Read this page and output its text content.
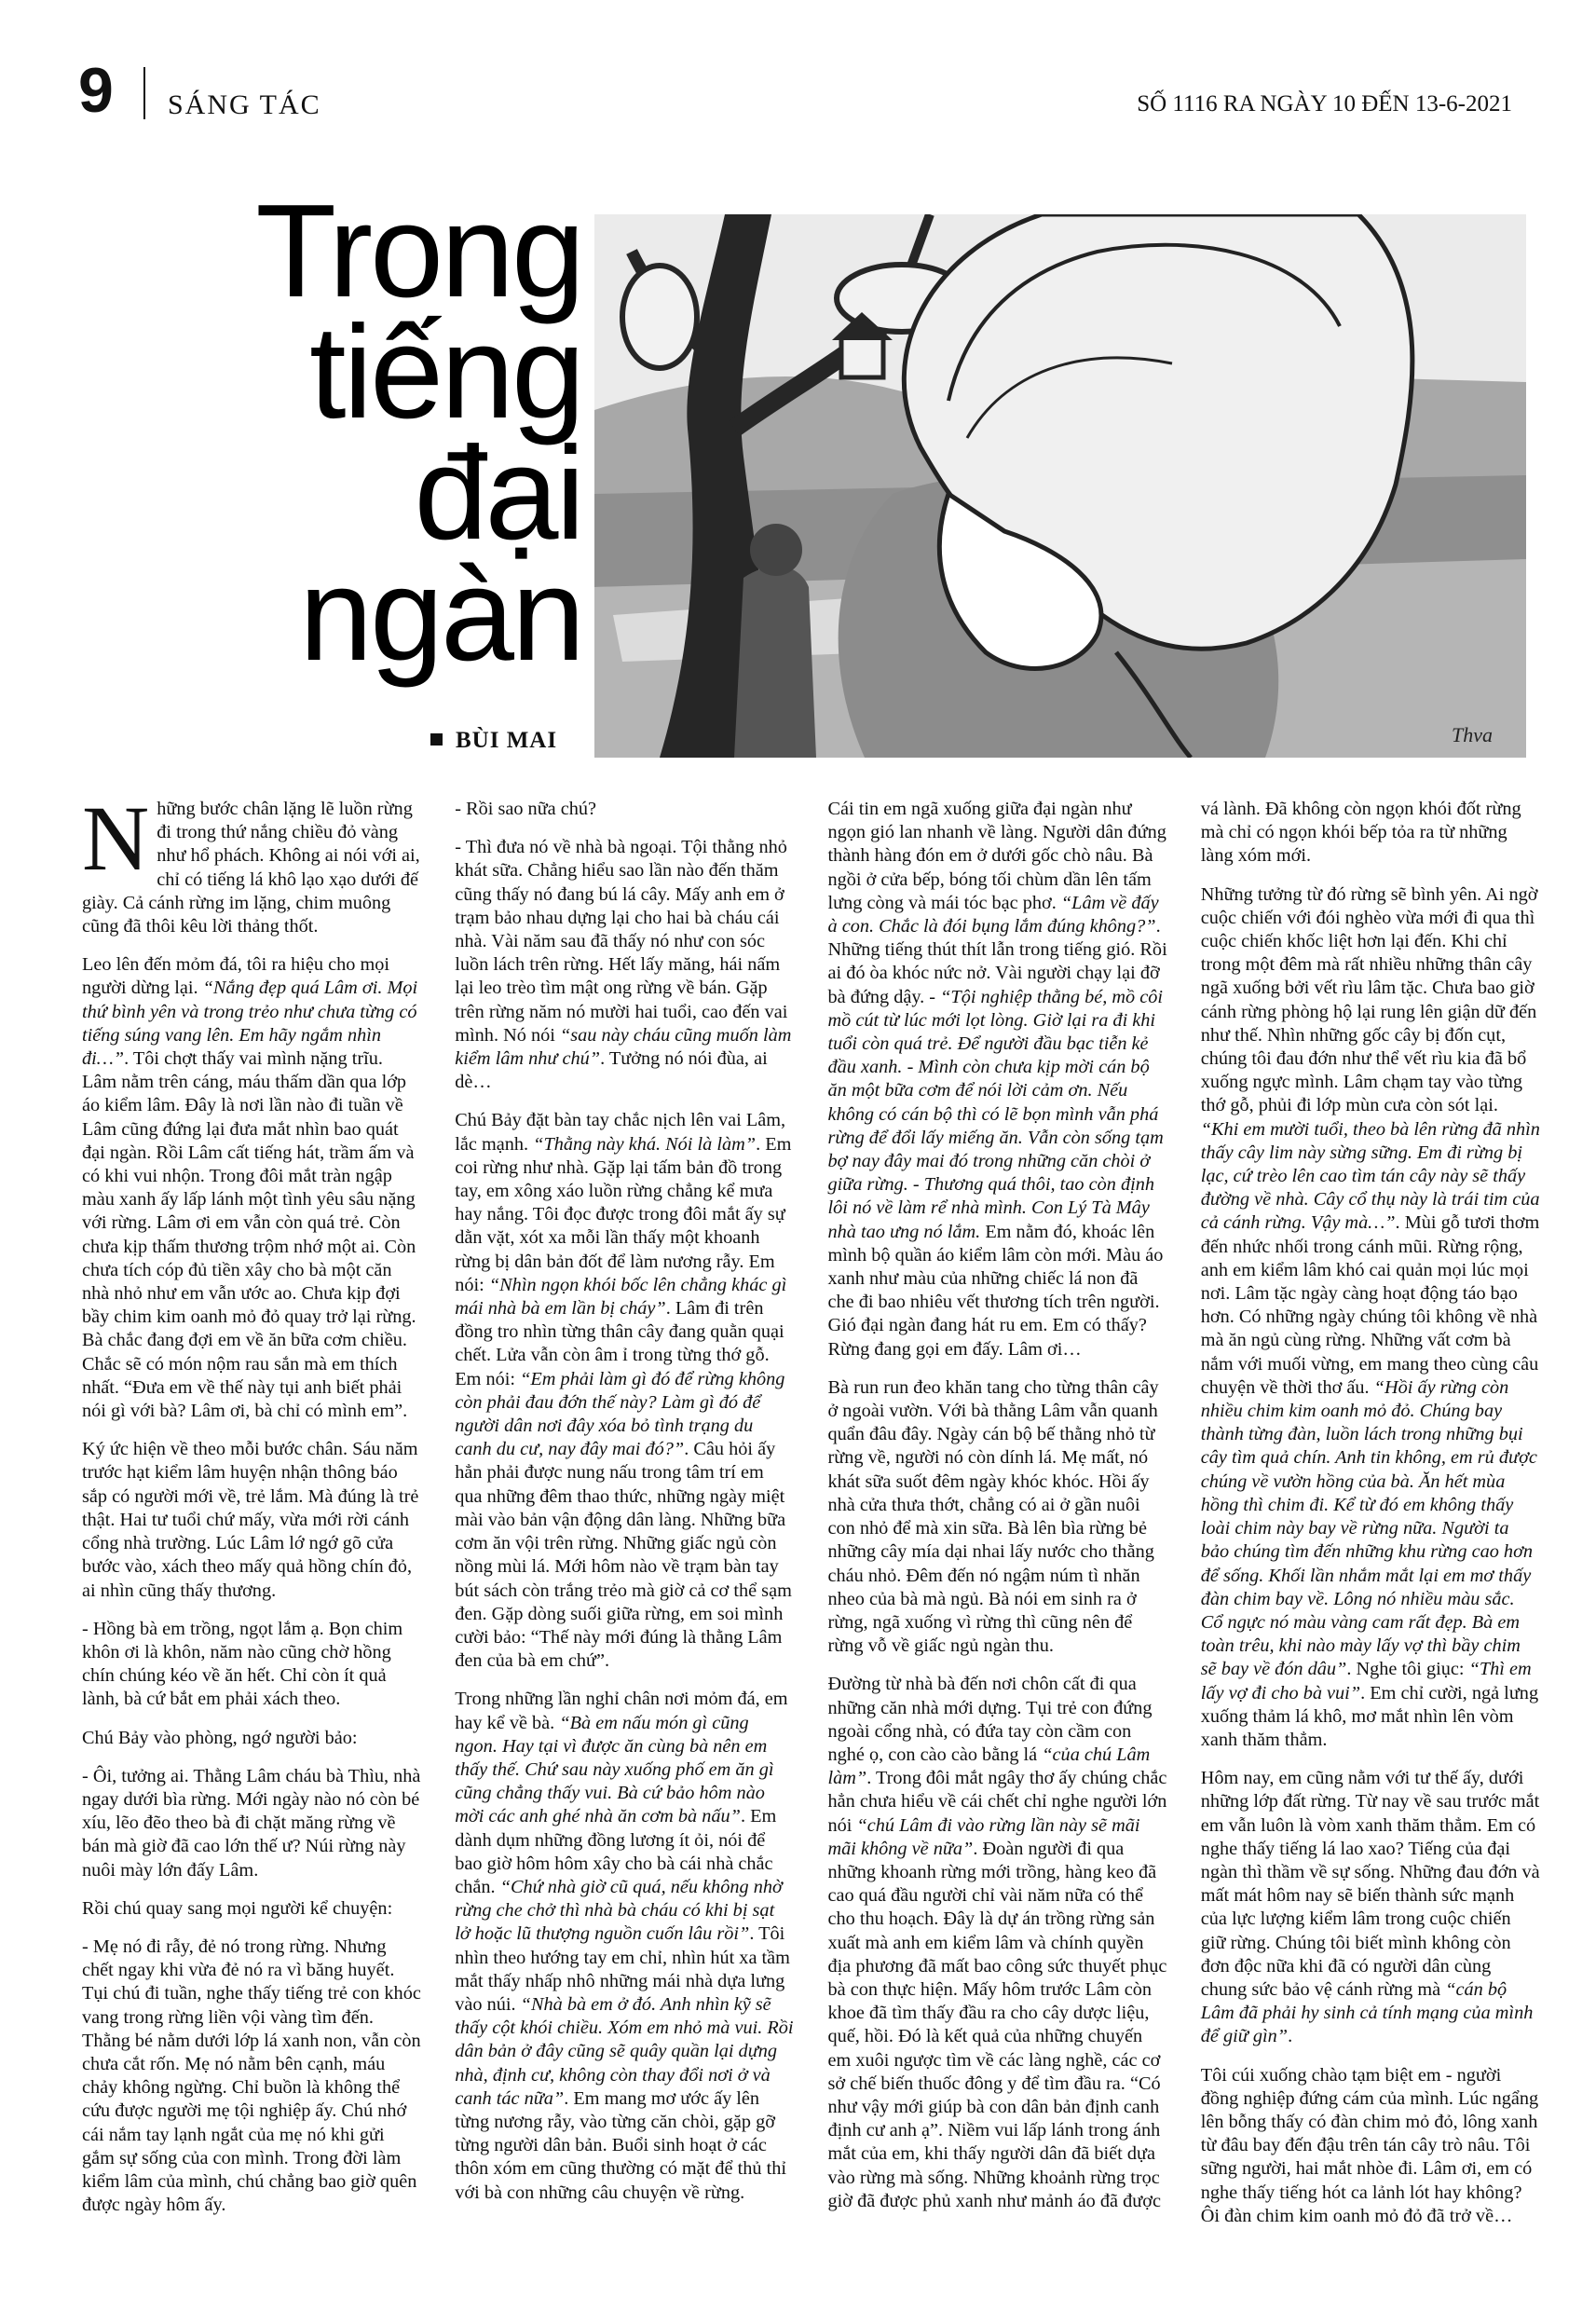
9 SÁNG TÁC	SỐ 1116 RA NGÀY 10 ĐẾN 13-6-2021
Trong
tiếng
đại
ngàn
BÙI MAI	Thva

Những bước chân lặng lẽ luồn rừng đi trong thứ nắng chiều đỏ vàng như hổ phách. Không ai nói với ai, chỉ có tiếng lá khô lạo xạo dưới đế giày. Cả cánh rừng im lặng, chim muông cũng đã thôi kêu lời thảng thốt.

Leo lên đến mỏm đá, tôi ra hiệu cho mọi người dừng lại. “Nắng đẹp quá Lâm ơi. Mọi thứ bình yên và trong trẻo như chưa từng có tiếng súng vang lên. Em hãy ngắm nhìn đi…”. Tôi chợt thấy vai mình nặng trĩu. Lâm nằm trên cáng, máu thấm dần qua lớp áo kiểm lâm. Đây là nơi lần nào đi tuần về Lâm cũng đứng lại đưa mắt nhìn bao quát đại ngàn. Rồi Lâm cất tiếng hát, trầm ấm và có khi vui nhộn. Trong đôi mắt tràn ngập màu xanh ấy lấp lánh một tình yêu sâu nặng với rừng. Lâm ơi em vẫn còn quá trẻ. Còn chưa kịp thấm thương trộm nhớ một ai. Còn chưa tích cóp đủ tiền xây cho bà một căn nhà nhỏ như em vẫn ước ao. Chưa kịp đợi bầy chim kim oanh mỏ đỏ quay trở lại rừng. Bà chắc đang đợi em về ăn bữa cơm chiều. Chắc sẽ có món nộm rau sắn mà em thích nhất. “Đưa em về thế này tụi anh biết phải nói gì với bà? Lâm ơi, bà chỉ có mình em”.

Ký ức hiện về theo mỗi bước chân. Sáu năm trước hạt kiểm lâm huyện nhận thông báo sắp có người mới về, trẻ lắm. Mà đúng là trẻ thật. Hai tư tuổi chứ mấy, vừa mới rời cánh cổng nhà trường. Lúc Lâm lớ ngớ gõ cửa bước vào, xách theo mấy quả hồng chín đỏ, ai nhìn cũng thấy thương.

- Hồng bà em trồng, ngọt lắm ạ. Bọn chim khôn ơi là khôn, năm nào cũng chờ hồng chín chúng kéo về ăn hết. Chỉ còn ít quả lành, bà cứ bắt em phải xách theo.

Chú Bảy vào phòng, ngớ người bảo:

- Ôi, tưởng ai. Thằng Lâm cháu bà Thìu, nhà ngay dưới bìa rừng. Mới ngày nào nó còn bé xíu, lẽo đẽo theo bà đi chặt măng rừng về bán mà giờ đã cao lớn thế ư? Núi rừng này nuôi mày lớn đấy Lâm.

Rồi chú quay sang mọi người kể chuyện:

- Mẹ nó đi rẫy, đẻ nó trong rừng. Nhưng chết ngay khi vừa đẻ nó ra vì băng huyết. Tụi chú đi tuần, nghe thấy tiếng trẻ con khóc vang trong rừng liền vội vàng tìm đến. Thằng bé nằm dưới lớp lá xanh non, vẫn còn chưa cắt rốn. Mẹ nó nằm bên cạnh, máu chảy không ngừng. Chỉ buồn là không thể cứu được người mẹ tội nghiệp ấy. Chú nhớ cái nắm tay lạnh ngắt của mẹ nó khi gửi gắm sự sống của con mình. Trong đời làm kiểm lâm của mình, chú chẳng bao giờ quên được ngày hôm ấy.

- Rồi sao nữa chú?

- Thì đưa nó về nhà bà ngoại. Tội thằng nhỏ khát sữa. Chẳng hiểu sao lần nào đến thăm cũng thấy nó đang bú lá cây. Mấy anh em ở trạm bảo nhau dựng lại cho hai bà cháu cái nhà. Vài năm sau đã thấy nó như con sóc luồn lách trên rừng. Hết lấy măng, hái nấm lại leo trèo tìm mật ong rừng về bán. Gặp trên rừng năm nó mười hai tuổi, cao đến vai mình. Nó nói “sau này cháu cũng muốn làm kiểm lâm như chú”. Tưởng nó nói đùa, ai dè…

Chú Bảy đặt bàn tay chắc nịch lên vai Lâm, lắc mạnh. “Thằng này khá. Nói là làm”. Em coi rừng như nhà. Gặp lại tấm bản đồ trong tay, em xông xáo luồn rừng chẳng kể mưa hay nắng. Tôi đọc được trong đôi mắt ấy sự dằn vặt, xót xa mỗi lần thấy một khoanh rừng bị dân bản đốt để làm nương rẫy. Em nói: “Nhìn ngọn khói bốc lên chẳng khác gì mái nhà bà em lần bị cháy”. Lâm đi trên đồng tro nhìn từng thân cây đang quằn quại chết. Lửa vẫn còn âm ỉ trong từng thớ gỗ. Em nói: “Em phải làm gì đó để rừng không còn phải đau đớn thế này? Làm gì đó để người dân nơi đây xóa bỏ tình trạng du canh du cư, nay đây mai đó?”. Câu hỏi ấy hẳn phải được nung nấu trong tâm trí em qua những đêm thao thức, những ngày miệt mài vào bản vận động dân làng. Những bữa cơm ăn vội trên rừng. Những giấc ngủ còn nồng mùi lá. Mới hôm nào về trạm bàn tay bút sách còn trắng trẻo mà giờ cả cơ thể sạm đen. Gặp dòng suối giữa rừng, em soi mình cười bảo: “Thế này mới đúng là thằng Lâm đen của bà em chứ”.

Trong những lần nghỉ chân nơi mỏm đá, em hay kể về bà. “Bà em nấu món gì cũng ngon. Hay tại vì được ăn cùng bà nên em thấy thế. Chứ sau này xuống phố em ăn gì cũng chẳng thấy vui. Bà cứ bảo hôm nào mời các anh ghé nhà ăn cơm bà nấu”. Em dành dụm những đồng lương ít ỏi, nói để bao giờ hôm hôm xây cho bà cái nhà chắc chắn. “Chứ nhà giờ cũ quá, nếu không nhờ rừng che chở thì nhà bà cháu có khi bị sạt lở hoặc lũ thượng nguồn cuốn lâu rồi”. Tôi nhìn theo hướng tay em chỉ, nhìn hút xa tầm mắt thấy nhấp nhô những mái nhà dựa lưng vào núi. “Nhà bà em ở đó. Anh nhìn kỹ sẽ thấy cột khói chiều. Xóm em nhỏ mà vui. Rồi dân bản ở đây cũng sẽ quây quần lại dựng nhà, định cư, không còn thay đổi nơi ở và canh tác nữa”. Em mang mơ ước ấy lên từng nương rẫy, vào từng căn chòi, gặp gỡ từng người dân bản. Buổi sinh hoạt ở các thôn xóm em cũng thường có mặt để thủ thỉ với bà con những câu chuyện về rừng.

Cái tin em ngã xuống giữa đại ngàn như ngọn gió lan nhanh về làng. Người dân đứng thành hàng đón em ở dưới gốc chò nâu. Bà ngồi ở cửa bếp, bóng tối chùm dần lên tấm lưng còng và mái tóc bạc phơ. “Lâm về đấy à con. Chắc là đói bụng lắm đúng không?”. Những tiếng thút thít lẫn trong tiếng gió. Rồi ai đó òa khóc nức nở. Vài người chạy lại đỡ bà đứng dậy. - “Tội nghiệp thằng bé, mồ côi mồ cút từ lúc mới lọt lòng. Giờ lại ra đi khi tuổi còn quá trẻ. Để người đầu bạc tiễn kẻ đầu xanh. - Mình còn chưa kịp mời cán bộ ăn một bữa cơm để nói lời cảm ơn. Nếu không có cán bộ thì có lẽ bọn mình vẫn phá rừng để đổi lấy miếng ăn. Vẫn còn sống tạm bợ nay đây mai đó trong những căn chòi ở giữa rừng. - Thương quá thôi, tao còn định lôi nó về làm rể nhà mình. Con Lý Tà Mây nhà tao ưng nó lắm. Em nằm đó, khoác lên mình bộ quần áo kiểm lâm còn mới. Màu áo xanh như màu của những chiếc lá non đã che đi bao nhiêu vết thương tích trên người. Gió đại ngàn đang hát ru em. Em có thấy? Rừng đang gọi em đấy. Lâm ơi…

Bà run run đeo khăn tang cho từng thân cây ở ngoài vườn. Với bà thằng Lâm vẫn quanh quẩn đâu đây. Ngày cán bộ bế thằng nhỏ từ rừng về, người nó còn dính lá. Mẹ mất, nó khát sữa suốt đêm ngày khóc khóc. Hồi ấy nhà cửa thưa thớt, chẳng có ai ở gần nuôi con nhỏ để mà xin sữa. Bà lên bìa rừng bẻ những cây mía dại nhai lấy nước cho thằng cháu nhỏ. Đêm đến nó ngậm núm tì nhăn nheo của bà mà ngủ. Bà nói em sinh ra ở rừng, ngã xuống vì rừng thì cũng nên để rừng vỗ về giấc ngủ ngàn thu.

Đường từ nhà bà đến nơi chôn cất đi qua những căn nhà mới dựng. Tụi trẻ con đứng ngoài cổng nhà, có đứa tay còn cầm con nghé ọ, con cào cào bằng lá “của chú Lâm làm”. Trong đôi mắt ngây thơ ấy chúng chắc hẳn chưa hiểu về cái chết chỉ nghe người lớn nói “chú Lâm đi vào rừng lần này sẽ mãi mãi không về nữa”. Đoàn người đi qua những khoanh rừng mới trồng, hàng keo đã cao quá đầu người chỉ vài năm nữa có thể cho thu hoạch. Đây là dự án trồng rừng sản xuất mà anh em kiểm lâm và chính quyền địa phương đã mất bao công sức thuyết phục bà con thực hiện. Mấy hôm trước Lâm còn khoe đã tìm thấy đầu ra cho cây dược liệu, quế, hồi. Đó là kết quả của những chuyến em xuôi ngược tìm về các làng nghề, các cơ sở chế biến thuốc đông y để tìm đầu ra. “Có như vậy mới giúp bà con dân bản định canh định cư anh ạ”. Niềm vui lấp lánh trong ánh mắt của em, khi thấy người dân đã biết dựa vào rừng mà sống. Những khoảnh rừng trọc giờ đã được phủ xanh như mảnh áo đã được vá lành. Đã không còn ngọn khói đốt rừng mà chỉ có ngọn khói bếp tỏa ra từ những làng xóm mới.

Những tưởng từ đó rừng sẽ bình yên. Ai ngờ cuộc chiến với đói nghèo vừa mới đi qua thì cuộc chiến khốc liệt hơn lại đến. Khi chỉ trong một đêm mà rất nhiều những thân cây ngã xuống bởi vết rìu lâm tặc. Chưa bao giờ cánh rừng phòng hộ lại rung lên giận dữ đến như thế. Nhìn những gốc cây bị đốn cụt, chúng tôi đau đớn như thể vết rìu kia đã bổ xuống ngực mình. Lâm chạm tay vào từng thớ gỗ, phủi đi lớp mùn cưa còn sót lại. “Khi em mười tuổi, theo bà lên rừng đã nhìn thấy cây lim này sừng sững. Em đi rừng bị lạc, cứ trèo lên cao tìm tán cây này sẽ thấy đường về nhà. Cây cổ thụ này là trái tim của cả cánh rừng. Vậy mà…”. Mùi gỗ tươi thơm đến nhức nhối trong cánh mũi. Rừng rộng, anh em kiểm lâm khó cai quản mọi lúc mọi nơi. Lâm tặc ngày càng hoạt động táo bạo hơn. Có những ngày chúng tôi không về nhà mà ăn ngủ cùng rừng. Những vất cơm bà nắm với muối vừng, em mang theo cùng câu chuyện về thời thơ ấu. “Hồi ấy rừng còn nhiều chim kim oanh mỏ đỏ. Chúng bay thành từng đàn, luồn lách trong những bụi cây tìm quả chín. Anh tin không, em rủ được chúng về vườn hồng của bà. Ăn hết mùa hồng thì chim đi. Kể từ đó em không thấy loài chim này bay về rừng nữa. Người ta bảo chúng tìm đến những khu rừng cao hơn để sống. Khối lần nhắm mắt lại em mơ thấy đàn chim bay về. Lông nó nhiều màu sắc. Cổ ngực nó màu vàng cam rất đẹp. Bà em toàn trêu, khi nào mày lấy vợ thì bầy chim sẽ bay về đón dâu”. Nghe tôi giục: “Thì em lấy vợ đi cho bà vui”. Em chỉ cười, ngả lưng xuống thảm lá khô, mơ mắt nhìn lên vòm xanh thăm thẳm.

Hôm nay, em cũng nằm với tư thế ấy, dưới những lớp đất rừng. Từ nay về sau trước mắt em vẫn luôn là vòm xanh thăm thẳm. Em có nghe thấy tiếng lá lao xao? Tiếng của đại ngàn thì thầm về sự sống. Những đau đớn và mất mát hôm nay sẽ biến thành sức mạnh của lực lượng kiểm lâm trong cuộc chiến giữ rừng. Chúng tôi biết mình không còn đơn độc nữa khi đã có người dân cùng chung sức bảo vệ cánh rừng mà “cán bộ Lâm đã phải hy sinh cả tính mạng của mình để giữ gìn”.

Tôi cúi xuống chào tạm biệt em - người đồng nghiệp đứng cám của mình. Lúc ngẩng lên bỗng thấy có đàn chim mỏ đỏ, lông xanh từ đâu bay đến đậu trên tán cây trò nâu. Tôi sững người, hai mắt nhòe đi. Lâm ơi, em có nghe thấy tiếng hót ca lảnh lót hay không? Ôi đàn chim kim oanh mỏ đỏ đã trở về…
